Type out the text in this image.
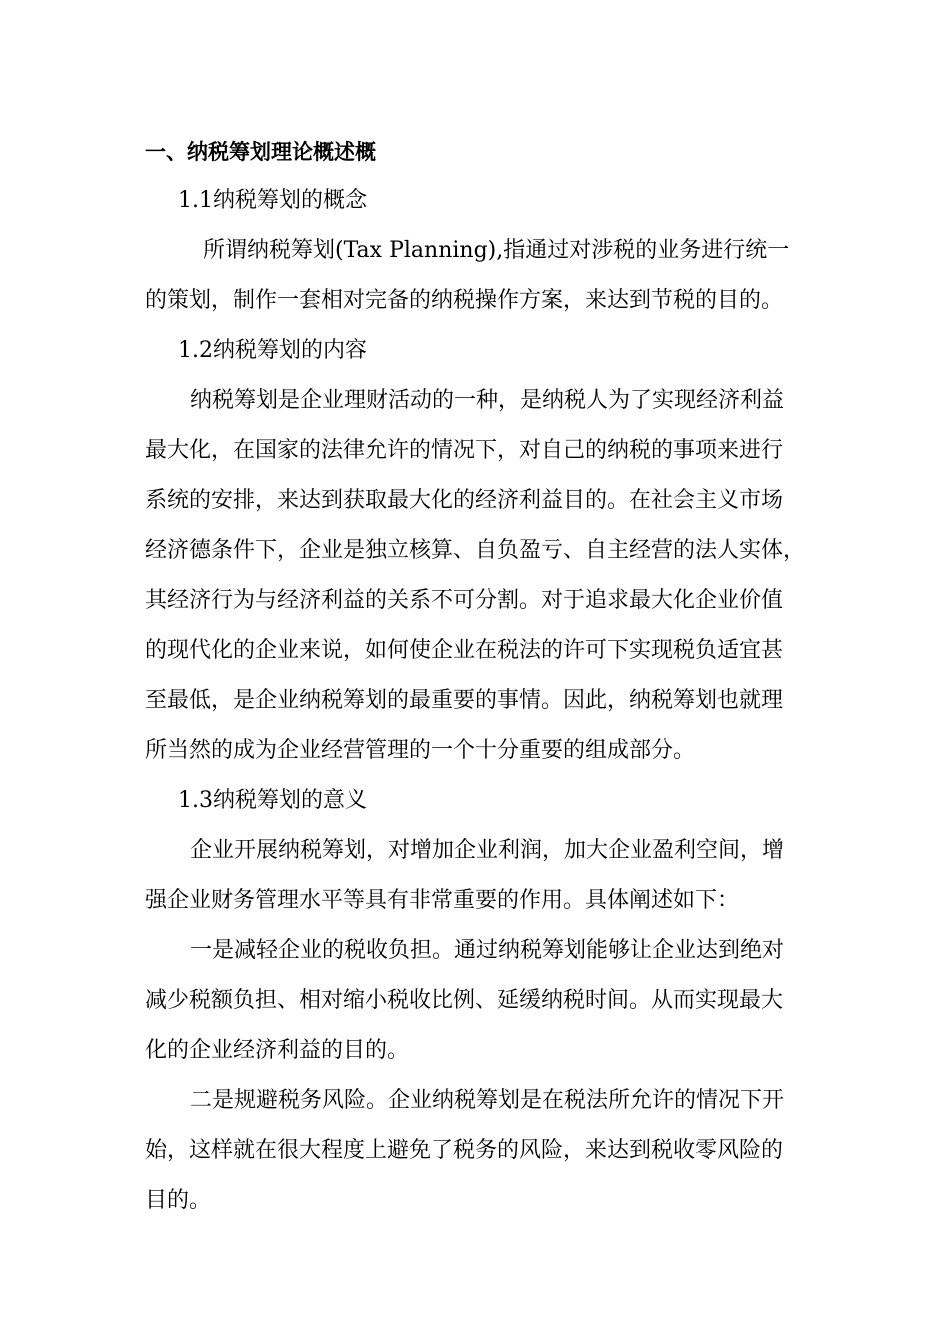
一、纳税筹划理论概述概
1.1纳税筹划的概念
所谓纳税筹划(Tax Planning),指通过对涉税的业务进行统一
的策划，制作一套相对完备的纳税操作方案，来达到节税的目的。
1.2纳税筹划的内容
纳税筹划是企业理财活动的一种，是纳税人为了实现经济利益
最大化，在国家的法律允许的情况下，对自己的纳税的事项来进行
系统的安排，来达到获取最大化的经济利益目的。在社会主义市场
经济德条件下，企业是独立核算、自负盈亏、自主经营的法人实体，
其经济行为与经济利益的关系不可分割。对于追求最大化企业价值
的现代化的企业来说，如何使企业在税法的许可下实现税负适宜甚
至最低，是企业纳税筹划的最重要的事情。因此，纳税筹划也就理
所当然的成为企业经营管理的一个十分重要的组成部分。
1.3纳税筹划的意义
企业开展纳税筹划，对增加企业利润，加大企业盈利空间，增
强企业财务管理水平等具有非常重要的作用。具体阐述如下：
一是减轻企业的税收负担。通过纳税筹划能够让企业达到绝对
减少税额负担、相对缩小税收比例、延缓纳税时间。从而实现最大
化的企业经济利益的目的。
二是规避税务风险。企业纳税筹划是在税法所允许的情况下开
始，这样就在很大程度上避免了税务的风险，来达到税收零风险的
目的。
